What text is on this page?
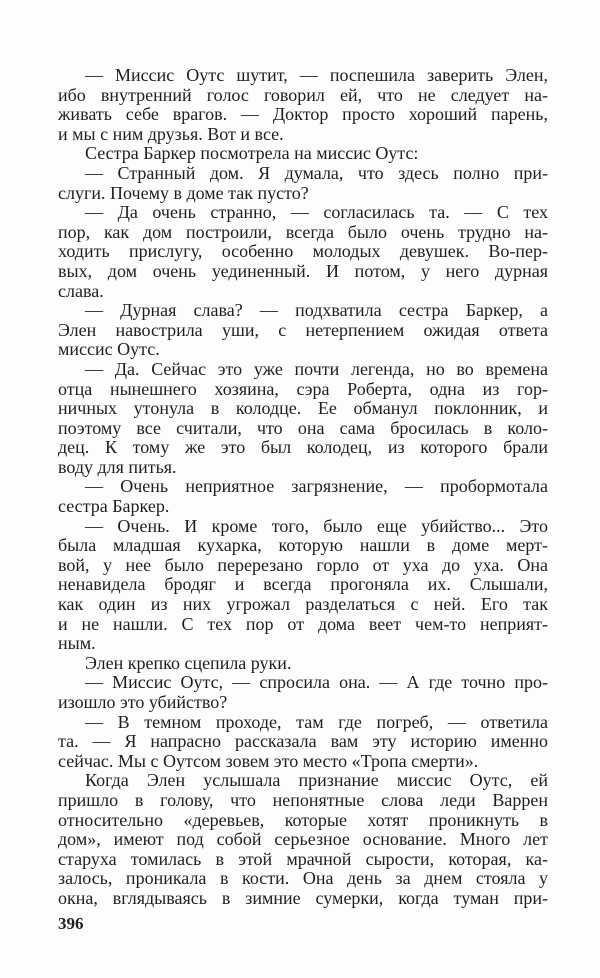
— Миссис Оутс шутит, — поспешила заверить Элен,
ибо внутренний голос говорил ей, что не следует на-
живать себе врагов. — Доктор просто хороший парень,
и мы с ним друзья. Вот и все.
Сестра Баркер посмотрела на миссис Оутс:
— Странный дом. Я думала, что здесь полно при-
слуги. Почему в доме так пусто?
— Да очень странно, — согласилась та. — С тех
пор, как дом построили, всегда было очень трудно на-
ходить прислугу, особенно молодых девушек. Во-пер-
вых, дом очень уединенный. И потом, у него дурная
слава.
— Дурная слава? — подхватила сестра Баркер, а
Элен навострила уши, с нетерпением ожидая ответа
миссис Оутс.
— Да. Сейчас это уже почти легенда, но во времена
отца нынешнего хозяина, сэра Роберта, одна из гор-
ничных утонула в колодце. Ее обманул поклонник, и
поэтому все считали, что она сама бросилась в коло-
дец. К тому же это был колодец, из которого брали
воду для питья.
— Очень неприятное загрязнение, — пробормотала
сестра Баркер.
— Очень. И кроме того, было еще убийство... Это
была младшая кухарка, которую нашли в доме мерт-
вой, у нее было перерезано горло от уха до уха. Она
ненавидела бродяг и всегда прогоняла их. Слышали,
как один из них угрожал разделаться с ней. Его так
и не нашли. С тех пор от дома веет чем-то неприят-
ным.
Элен крепко сцепила руки.
— Миссис Оутс, — спросила она. — А где точно про-
изошло это убийство?
— В темном проходе, там где погреб, — ответила
та. — Я напрасно рассказала вам эту историю именно
сейчас. Мы с Оутсом зовем это место «Тропа смерти».
Когда Элен услышала признание миссис Оутс, ей
пришло в голову, что непонятные слова леди Варрен
относительно «деревьев, которые хотят проникнуть в
дом», имеют под собой серьезное основание. Много лет
старуха томилась в этой мрачной сырости, которая, ка-
залось, проникала в кости. Она день за днем стояла у
окна, вглядываясь в зимние сумерки, когда туман при-
396
